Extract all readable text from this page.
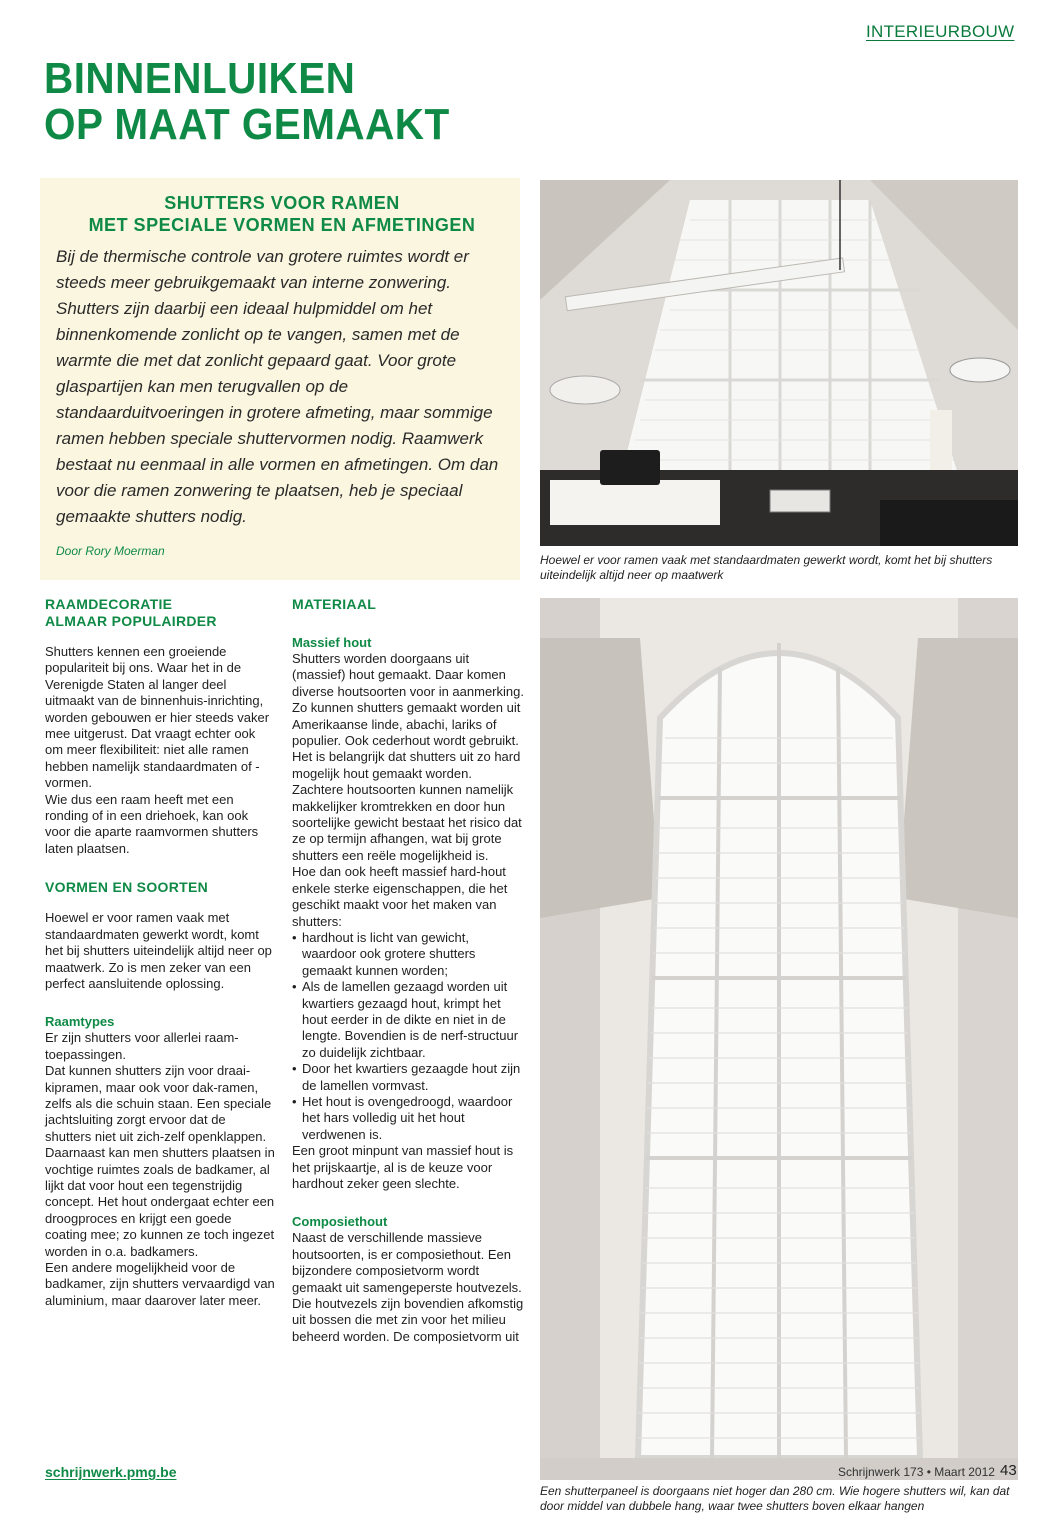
INTERIEURBOUW
BINNENLUIKEN
OP MAAT GEMAAKT
SHUTTERS VOOR RAMEN
MET SPECIALE VORMEN EN AFMETINGEN

Bij de thermische controle van grotere ruimtes wordt er steeds meer gebruikgemaakt van interne zonwering. Shutters zijn daarbij een ideaal hulpmiddel om het binnenkomende zonlicht op te vangen, samen met de warmte die met dat zonlicht gepaard gaat. Voor grote glaspartijen kan men terugvallen op de standaarduitvoeringen in grotere afmeting, maar sommige ramen hebben speciale shuttervormen nodig. Raamwerk bestaat nu eenmaal in alle vormen en afmetingen. Om dan voor die ramen zonwering te plaatsen, heb je speciaal gemaakte shutters nodig.

Door Rory Moerman

RAAMDECORATIE
ALMAAR POPULAIRDER

Shutters kennen een groeiende populariteit bij ons. Waar het in de Verenigde Staten al langer deel uitmaakt van de binnenhuis-inrichting, worden gebouwen er hier steeds vaker mee uitgerust. Dat vraagt echter ook om meer flexibiliteit: niet alle ramen hebben namelijk standaardmaten of -vormen.

Wie dus een raam heeft met een ronding of in een driehoek, kan ook voor die aparte raamvormen shutters laten plaatsen.

VORMEN EN SOORTEN

Hoewel er voor ramen vaak met standaardmaten gewerkt wordt, komt het bij shutters uiteindelijk altijd neer op maatwerk. Zo is men zeker van een perfect aansluitende oplossing.

Raamtypes

Er zijn shutters voor allerlei raam-toepassingen.

Dat kunnen shutters zijn voor draai-kipramen, maar ook voor dak-ramen, zelfs als die schuin staan. Een speciale jachtsluiting zorgt ervoor dat de shutters niet uit zich-zelf openklappen.

Daarnaast kan men shutters plaatsen in vochtige ruimtes zoals de badkamer, al lijkt dat voor hout een tegenstrijdig concept. Het hout ondergaat echter een droogproces en krijgt een goede coating mee; zo kunnen ze toch ingezet worden in o.a. badkamers.

Een andere mogelijkheid voor de badkamer, zijn shutters vervaardigd van aluminium, maar daarover later meer.

MATERIAAL
Massief hout

Shutters worden doorgaans uit (massief) hout gemaakt. Daar komen diverse houtsoorten voor in aanmerking. Zo kunnen shutters gemaakt worden uit Amerikaanse linde, abachi, lariks of populier. Ook cederhout wordt gebruikt. Het is belangrijk dat shutters uit zo hard mogelijk hout gemaakt worden. Zachtere houtsoorten kunnen namelijk makkelijker kromtrekken en door hun soortelijke gewicht bestaat het risico dat ze op termijn afhangen, wat bij grote shutters een reële mogelijkheid is.

Hoe dan ook heeft massief hard-hout enkele sterke eigenschappen, die het geschikt maakt voor het maken van shutters:

• hardhout is licht van gewicht, waardoor ook grotere shutters gemaakt kunnen worden;
• Als de lamellen gezaagd worden uit kwartiers gezaagd hout, krimpt het hout eerder in de dikte en niet in de lengte. Bovendien is de nerf-structuur zo duidelijk zichtbaar.
• Door het kwartiers gezaagde hout zijn de lamellen vormvast.
• Het hout is ovengedroogd, waardoor het hars volledig uit het hout verdwenen is.

Een groot minpunt van massief hout is het prijskaartje, al is de keuze voor hardhout zeker geen slechte.

Composiethout

Naast de verschillende massieve houtsoorten, is er composiethout. Een bijzondere composietvorm wordt gemaakt uit samengeperste houtvezels. Die houtvezels zijn bovendien afkomstig uit bossen die met zin voor het milieu beheerd worden. De composietvorm uit

Hoewel er voor ramen vaak met standaardmaten gewerkt wordt, komt het bij shutters uiteindelijk altijd neer op maatwerk
Een shutterpaneel is doorgaans niet hoger dan 280 cm. Wie hogere shutters wil, kan dat door middel van dubbele hang, waar twee shutters boven elkaar hangen
schrijnwerk.pmg.be	Schrijnwerk 173 • Maart 2012 43
